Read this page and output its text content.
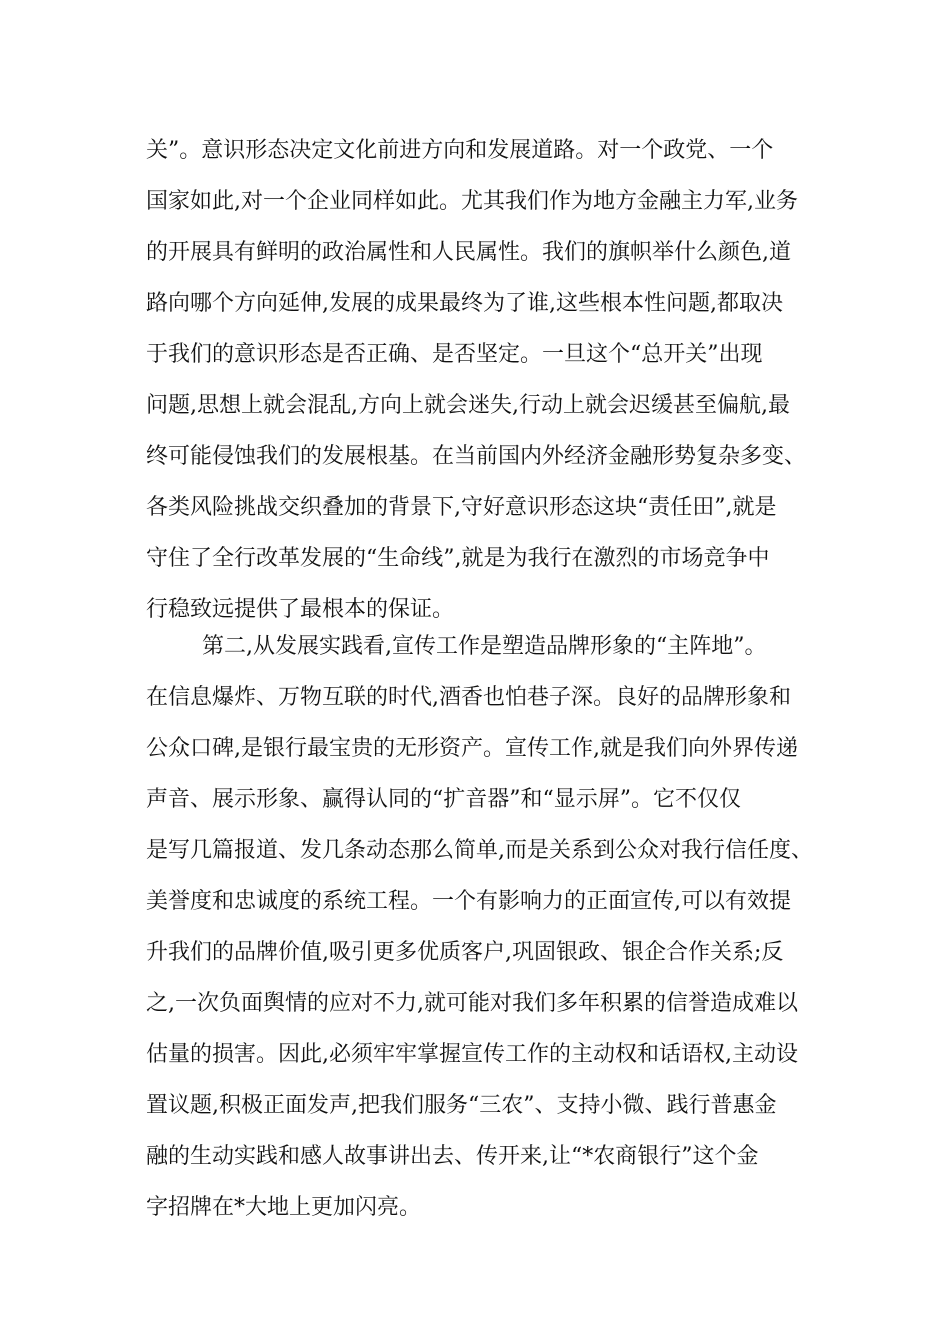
关”。意识形态决定文化前进方向和发展道路。对一个政党、一个
国家如此,对一个企业同样如此。尤其我们作为地方金融主力军,业务
的开展具有鲜明的政治属性和人民属性。我们的旗帜举什么颜色,道
路向哪个方向延伸,发展的成果最终为了谁,这些根本性问题,都取决
于我们的意识形态是否正确、是否坚定。一旦这个“总开关”出现
问题,思想上就会混乱,方向上就会迷失,行动上就会迟缓甚至偏航,最
终可能侵蚀我们的发展根基。在当前国内外经济金融形势复杂多变、
各类风险挑战交织叠加的背景下,守好意识形态这块“责任田”,就是
守住了全行改革发展的“生命线”,就是为我行在激烈的市场竞争中
行稳致远提供了最根本的保证。
第二,从发展实践看,宣传工作是塑造品牌形象的“主阵地”。
在信息爆炸、万物互联的时代,酒香也怕巷子深。良好的品牌形象和
公众口碑,是银行最宝贵的无形资产。宣传工作,就是我们向外界传递
声音、展示形象、赢得认同的“扩音器”和“显示屏”。它不仅仅
是写几篇报道、发几条动态那么简单,而是关系到公众对我行信任度、
美誉度和忠诚度的系统工程。一个有影响力的正面宣传,可以有效提
升我们的品牌价值,吸引更多优质客户,巩固银政、银企合作关系;反
之,一次负面舆情的应对不力,就可能对我们多年积累的信誉造成难以
估量的损害。因此,必须牢牢掌握宣传工作的主动权和话语权,主动设
置议题,积极正面发声,把我们服务“三农”、支持小微、践行普惠金
融的生动实践和感人故事讲出去、传开来,让“*农商银行”这个金
字招牌在*大地上更加闪亮。
